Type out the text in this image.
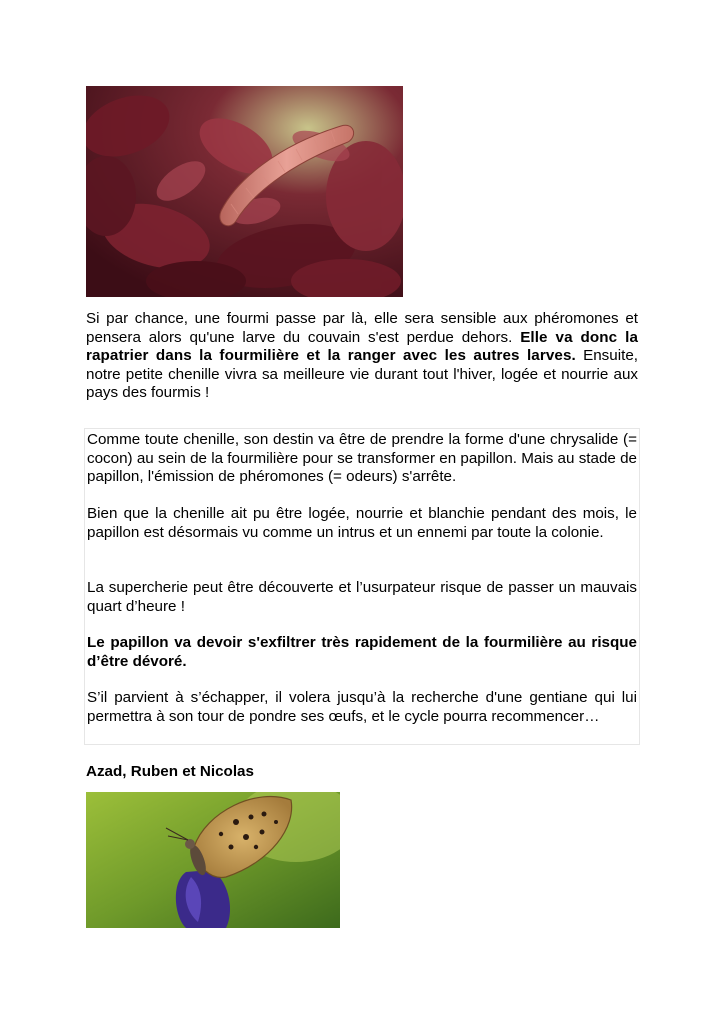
Si par chance, une fourmi passe par là, elle sera sensible aux phéromones et pensera alors qu'une larve du couvain s'est perdue dehors. Elle va donc la rapatrier dans la fourmilière et la ranger avec les autres larves. Ensuite, notre petite chenille vivra sa meilleure vie durant tout l'hiver, logée et nourrie aux pays des fourmis !

Comme toute chenille, son destin va être de prendre la forme d'une chrysalide (= cocon) au sein de la fourmilière pour se transformer en papillon. Mais au stade de papillon, l'émission de phéromones (= odeurs) s'arrête.

Bien que la chenille ait pu être logée, nourrie et blanchie pendant des mois, le papillon est désormais vu comme un intrus et un ennemi par toute la colonie.

La supercherie peut être découverte et l’usurpateur risque de passer un mauvais quart d’heure !

Le papillon va devoir s'exfiltrer très rapidement de la fourmilière au risque d’être dévoré.

S’il parvient à s’échapper, il volera jusqu’à la recherche d'une gentiane qui lui permettra à son tour de pondre ses œufs, et le cycle pourra recommencer…

Azad, Ruben et Nicolas
